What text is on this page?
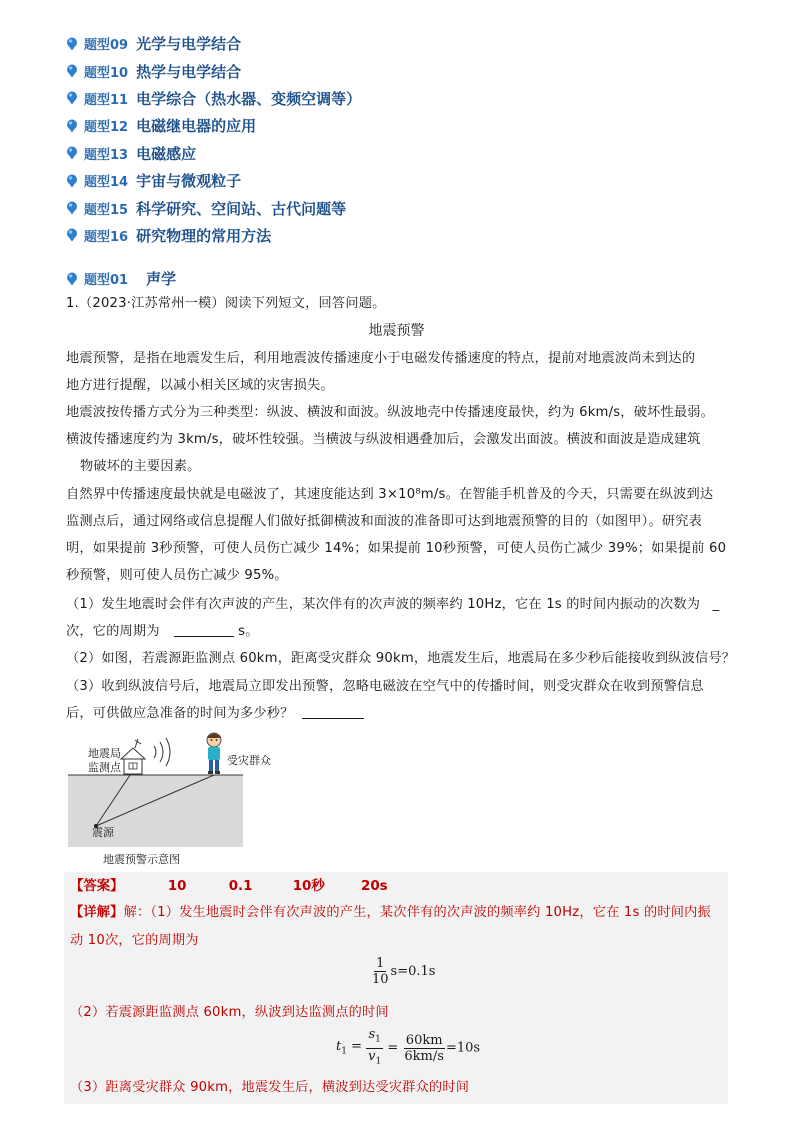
题型09 光学与电学结合
题型10 热学与电学结合
题型11 电学综合（热水器、变频空调等）
题型12 电磁继电器的应用
题型13 电磁感应
题型14 宇宙与微观粒子
题型15 科学研究、空间站、古代问题等
题型16 研究物理的常用方法
题型01 声学
1.（2023·江苏常州一模）阅读下列短文，回答问题。
地震预警
地震预警，是指在地震发生后，利用地震波传播速度小于电磁发传播速度的特点，提前对地震波尚未到达的
地方进行提醒，以减小相关区域的灾害损失。
地震波按传播方式分为三种类型：纵波、横波和面波。纵波地壳中传播速度最快，约为 6km/s，破坏性最弱。
横波传播速度约为 3km/s，破坏性较强。当横波与纵波相遇叠加后，会激发出面波。横波和面波是造成建筑
物破坏的主要因素。
自然界中传播速度最快就是电磁波了，其速度能达到 3×10⁸m/s。在智能手机普及的今天，只需要在纵波到达
监测点后，通过网络或信息提醒人们做好抵御横波和面波的准备即可达到地震预警的目的（如图甲）。研究表
明，如果提前 3秒预警，可使人员伤亡减少 14%；如果提前 10秒预警，可使人员伤亡减少 39%；如果提前 60
秒预警，则可使人员伤亡减少 95%。
（1）发生地震时会伴有次声波的产生，某次伴有的次声波的频率约 10Hz，它在 1s 的时间内振动的次数为 _
次，它的周期为	s。
（2）如图，若震源距监测点 60km，距离受灾群众 90km，地震发生后，地震局在多少秒后能接收到纵波信号？
（3）收到纵波信号后，地震局立即发出预警，忽略电磁波在空气中的传播时间，则受灾群众在收到预警信息
后，可供做应急准备的时间为多少秒？
地震局
监测点
受灾群众
震源
地震预警示意图
【答案】	10	0.1	10秒	20s
【详解】解：（1）发生地震时会伴有次声波的产生，某次伴有的次声波的频率约 10Hz，它在 1s 的时间内振
动 10次，它的周期为
$\frac{1}{10} s=0.1s$
（2）若震源距监测点 60km，纵波到达监测点的时间
$t_1 = \frac{s_1}{v_1} = \frac{60km}{6km/s} =10s$
（3）距离受灾群众 90km，地震发生后，横波到达受灾群众的时间
